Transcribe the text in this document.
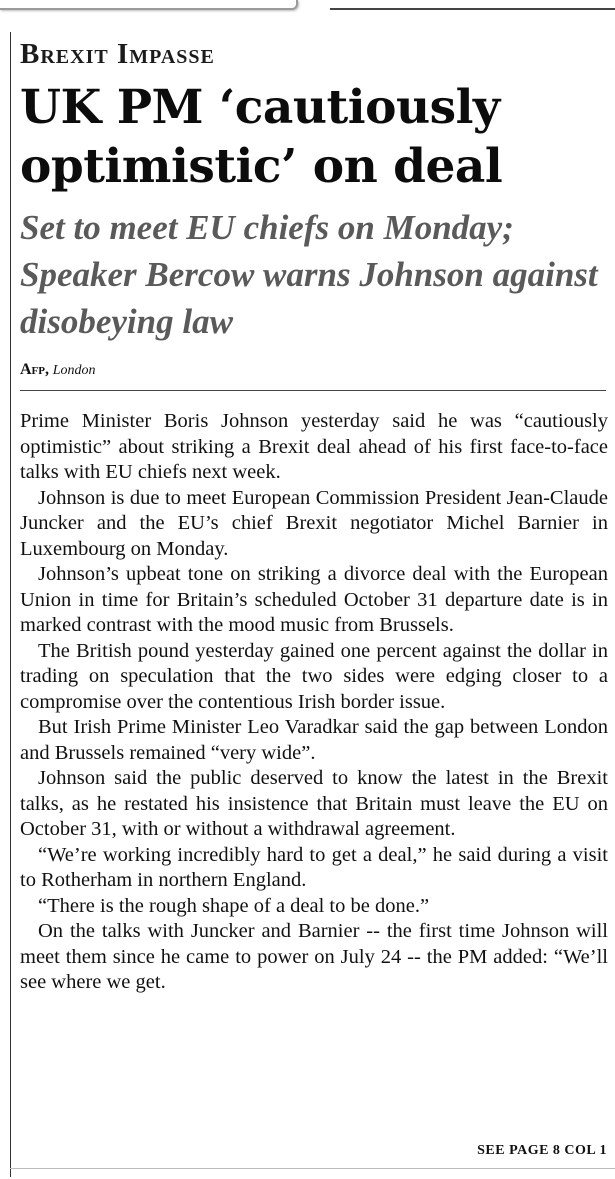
Brexit Impasse
UK PM ‘cautiously optimistic’ on deal
Set to meet EU chiefs on Monday; Speaker Bercow warns Johnson against disobeying law
Afp, London

Prime Minister Boris Johnson yesterday said he was “cautiously optimistic” about striking a Brexit deal ahead of his first face-to-face talks with EU chiefs next week.

Johnson is due to meet European Commission President Jean-Claude Juncker and the EU’s chief Brexit negotiator Michel Barnier in Luxembourg on Monday.

Johnson’s upbeat tone on striking a divorce deal with the European Union in time for Britain’s scheduled October 31 departure date is in marked contrast with the mood music from Brussels.

The British pound yesterday gained one percent against the dollar in trading on speculation that the two sides were edging closer to a compromise over the contentious Irish border issue.

But Irish Prime Minister Leo Varadkar said the gap between London and Brussels remained “very wide”.

Johnson said the public deserved to know the latest in the Brexit talks, as he restated his insistence that Britain must leave the EU on October 31, with or without a withdrawal agreement.

“We’re working incredibly hard to get a deal,” he said during a visit to Rotherham in northern England.

“There is the rough shape of a deal to be done.”

On the talks with Juncker and Barnier -- the first time Johnson will meet them since he came to power on July 24 -- the PM added: “We’ll see where we get.

SEE PAGE 8 COL 1
